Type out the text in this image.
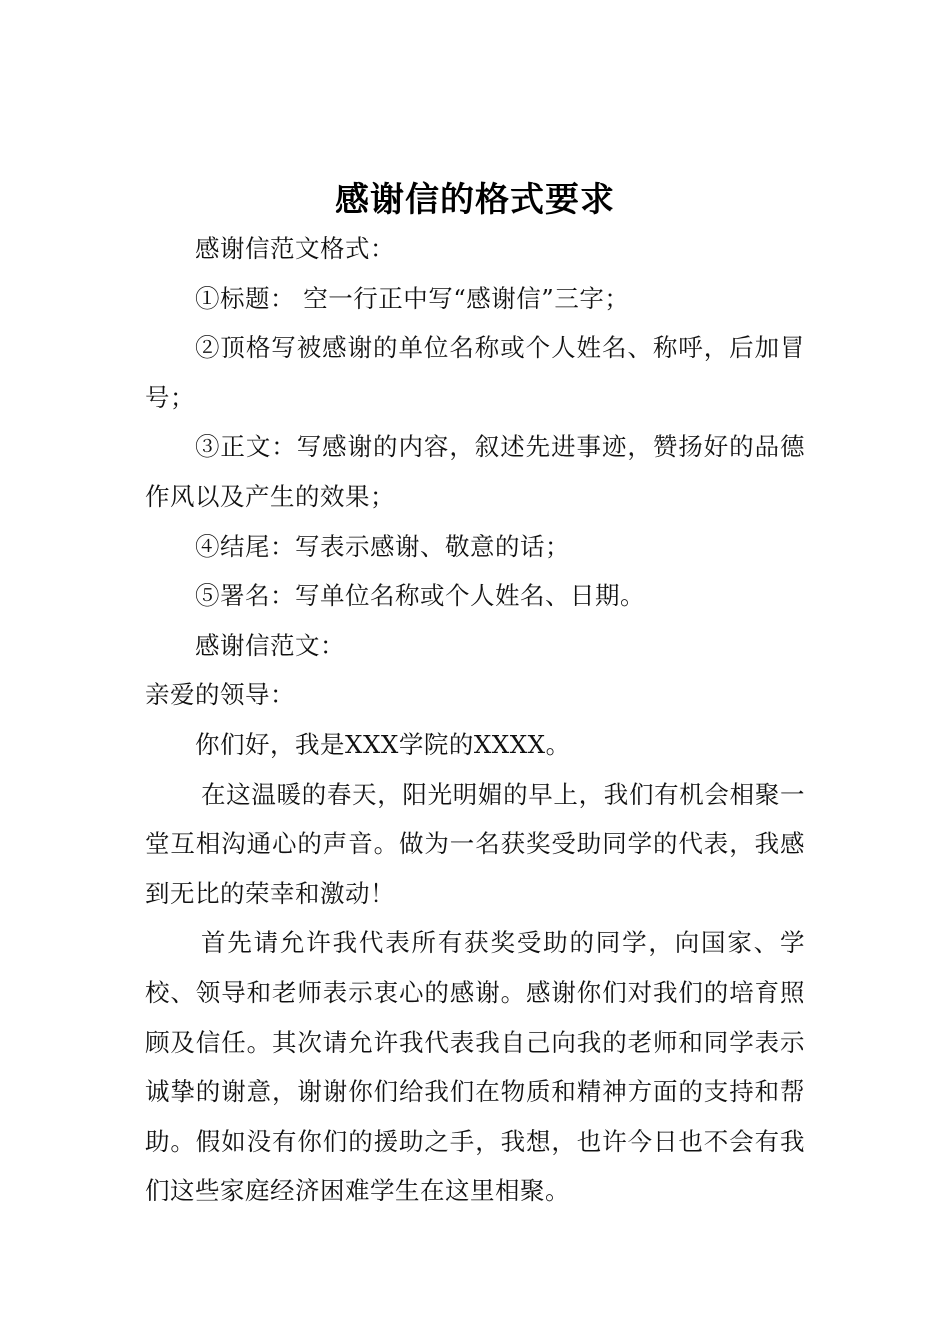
感谢信的格式要求

感谢信范文格式：

①标题： 空一行正中写“感谢信”三字；

②顶格写被感谢的单位名称或个人姓名、称呼，后加冒号；

③正文：写感谢的内容，叙述先进事迹，赞扬好的品德作风以及产生的效果；

④结尾：写表示感谢、敬意的话；

⑤署名：写单位名称或个人姓名、日期。

感谢信范文：

亲爱的领导：

你们好，我是XXX学院的XXXX。

在这温暖的春天，阳光明媚的早上，我们有机会相聚一堂互相沟通心的声音。做为一名获奖受助同学的代表，我感到无比的荣幸和激动！

首先请允许我代表所有获奖受助的同学，向国家、学校、领导和老师表示衷心的感谢。感谢你们对我们的培育照顾及信任。其次请允许我代表我自己向我的老师和同学表示诚挚的谢意，谢谢你们给我们在物质和精神方面的支持和帮助。假如没有你们的援助之手，我想，也许今日也不会有我们这些家庭经济困难学生在这里相聚。
